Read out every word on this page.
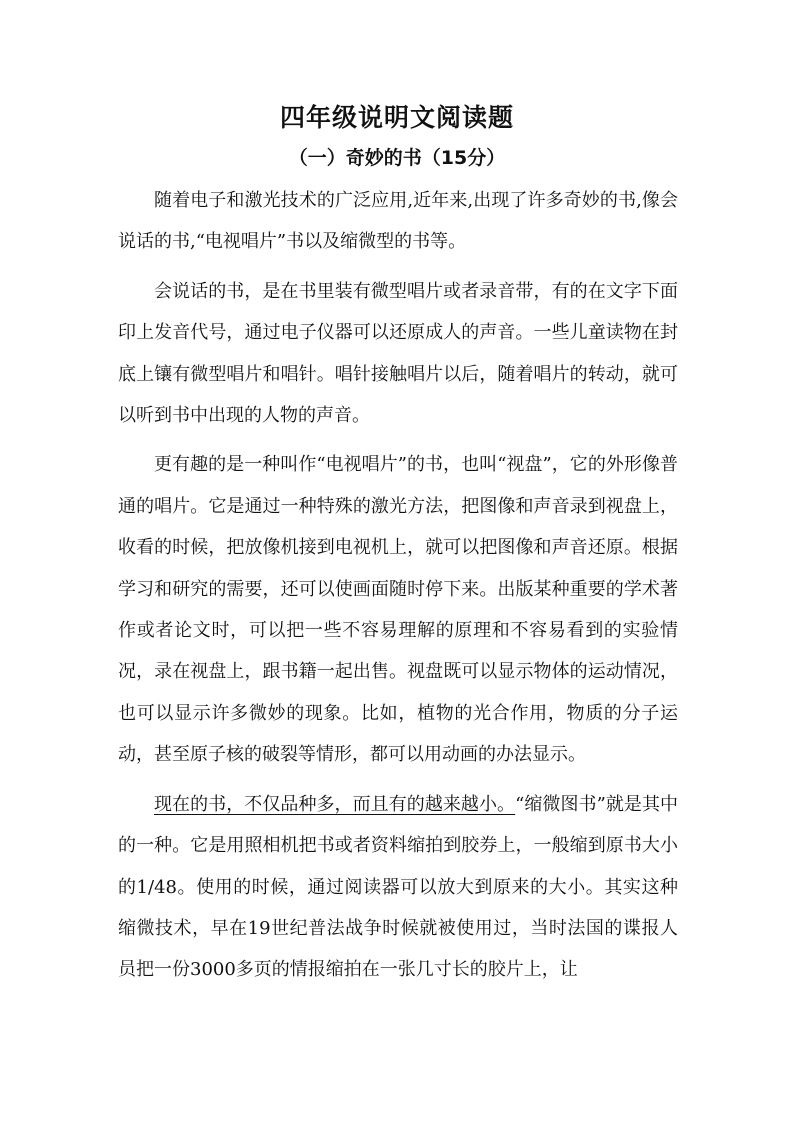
四年级说明文阅读题
（一）奇妙的书（15分）

随着电子和激光技术的广泛应用,近年来,出现了许多奇妙的书,像会说话的书,“电视唱片”书以及缩微型的书等。

会说话的书，是在书里装有微型唱片或者录音带，有的在文字下面印上发音代号，通过电子仪器可以还原成人的声音。一些儿童读物在封底上镶有微型唱片和唱针。唱针接触唱片以后，随着唱片的转动，就可以听到书中出现的人物的声音。

更有趣的是一种叫作“电视唱片”的书，也叫“视盘”，它的外形像普通的唱片。它是通过一种特殊的激光方法，把图像和声音录到视盘上，收看的时候，把放像机接到电视机上，就可以把图像和声音还原。根据学习和研究的需要，还可以使画面随时停下来。出版某种重要的学术著作或者论文时，可以把一些不容易理解的原理和不容易看到的实验情况，录在视盘上，跟书籍一起出售。视盘既可以显示物体的运动情况，也可以显示许多微妙的现象。比如，植物的光合作用，物质的分子运动，甚至原子核的破裂等情形，都可以用动画的办法显示。

现在的书，不仅品种多，而且有的越来越小。“缩微图书”就是其中的一种。它是用照相机把书或者资料缩拍到胶券上，一般缩到原书大小的1/48。使用的时候，通过阅读器可以放大到原来的大小。其实这种缩微技术，早在19世纪普法战争时候就被使用过，当时法国的谍报人员把一份3000多页的情报缩拍在一张几寸长的胶片上，让
